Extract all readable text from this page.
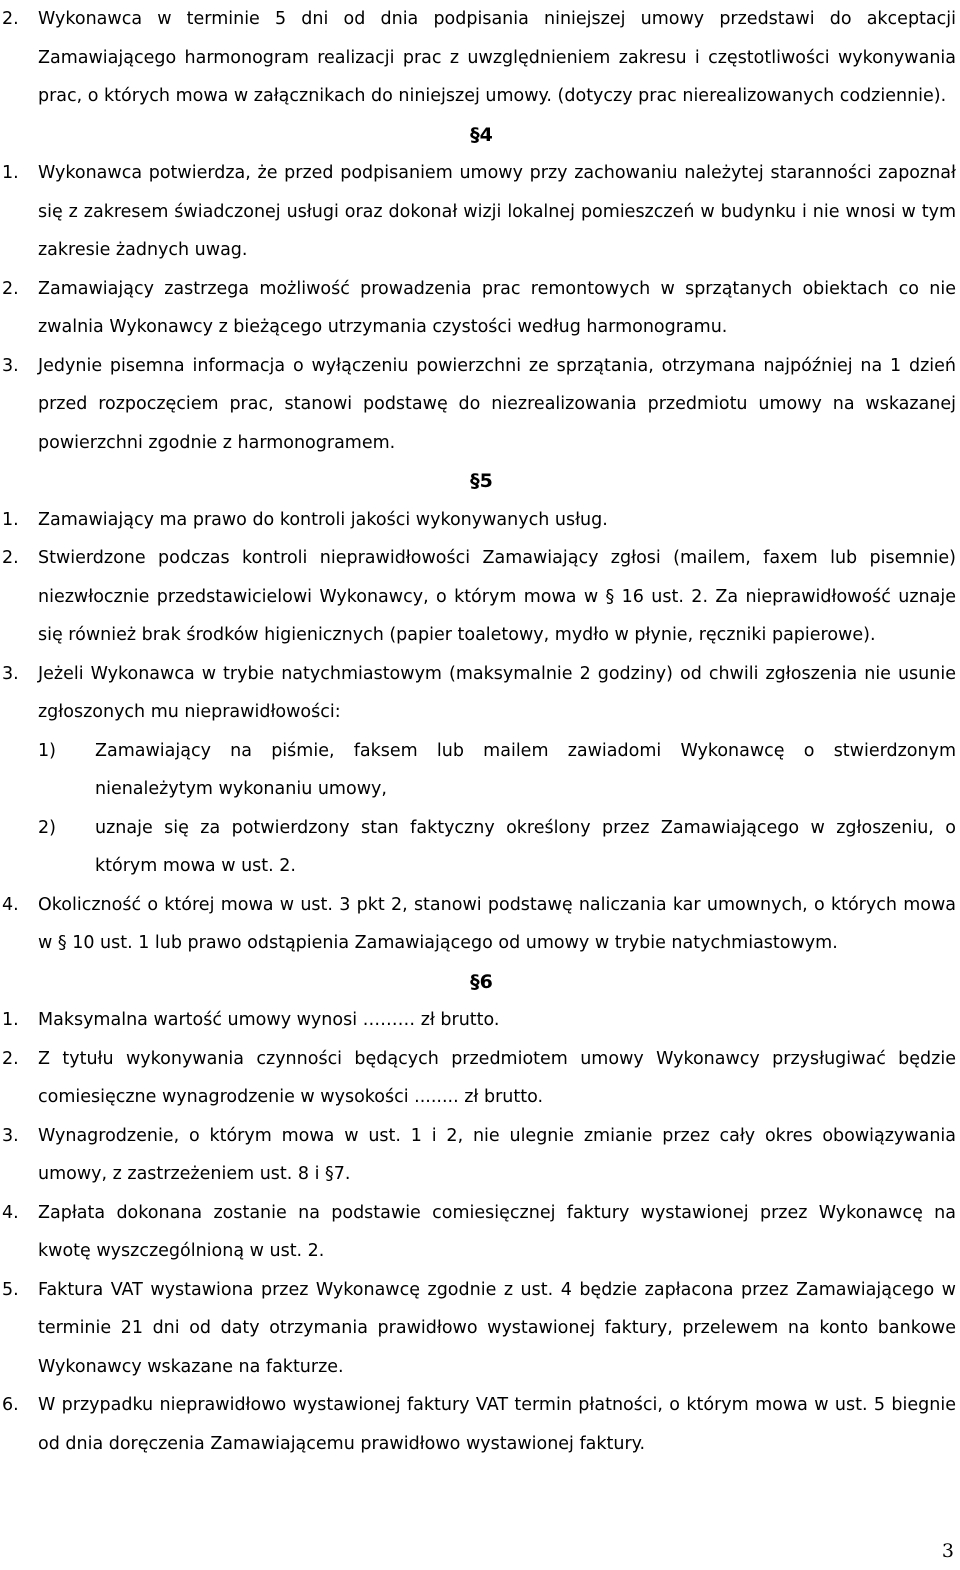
2. Wykonawca w terminie 5 dni od dnia podpisania niniejszej umowy przedstawi do akceptacji Zamawiającego harmonogram realizacji prac z uwzględnieniem zakresu i częstotliwości wykonywania prac, o których mowa w załącznikach do niniejszej umowy. (dotyczy prac nierealizowanych codziennie).
§4
1. Wykonawca potwierdza, że przed podpisaniem umowy przy zachowaniu należytej staranności zapoznał się z zakresem świadczonej usługi oraz dokonał wizji lokalnej pomieszczeń w budynku i nie wnosi w tym zakresie żadnych uwag.
2. Zamawiający zastrzega możliwość prowadzenia prac remontowych w sprzątanych obiektach co nie zwalnia Wykonawcy z bieżącego utrzymania czystości według harmonogramu.
3. Jedynie pisemna informacja o wyłączeniu powierzchni ze sprzątania, otrzymana najpóźniej na 1 dzień przed rozpoczęciem prac, stanowi podstawę do niezrealizowania przedmiotu umowy na wskazanej powierzchni zgodnie z harmonogramem.
§5
1. Zamawiający ma prawo do kontroli jakości wykonywanych usług.
2. Stwierdzone podczas kontroli nieprawidłowości Zamawiający zgłosi (mailem, faxem lub pisemnie) niezwłocznie przedstawicielowi Wykonawcy, o którym mowa w § 16 ust. 2. Za nieprawidłowość uznaje się również brak środków higienicznych (papier toaletowy, mydło w płynie, ręczniki papierowe).
3. Jeżeli Wykonawca w trybie natychmiastowym (maksymalnie 2 godziny) od chwili zgłoszenia nie usunie zgłoszonych mu nieprawidłowości:
1) Zamawiający na piśmie, faksem lub mailem zawiadomi Wykonawcę o stwierdzonym nienależytym wykonaniu umowy,
2) uznaje się za potwierdzony stan faktyczny określony przez Zamawiającego w zgłoszeniu, o którym mowa w ust. 2.
4. Okoliczność o której mowa w ust. 3 pkt 2, stanowi podstawę naliczania kar umownych, o których mowa w § 10 ust. 1 lub prawo odstąpienia Zamawiającego od umowy w trybie natychmiastowym.
§6
1. Maksymalna wartość umowy wynosi ……… zł brutto.
2. Z tytułu wykonywania czynności będących przedmiotem umowy Wykonawcy przysługiwać będzie comiesięczne wynagrodzenie w wysokości ........ zł brutto.
3. Wynagrodzenie, o którym mowa w ust. 1 i 2, nie ulegnie zmianie przez cały okres obowiązywania umowy, z zastrzeżeniem ust. 8 i §7.
4. Zapłata dokonana zostanie na podstawie comiesięcznej faktury wystawionej przez Wykonawcę na kwotę wyszczególnioną w ust. 2.
5. Faktura VAT wystawiona przez Wykonawcę zgodnie z ust. 4 będzie zapłacona przez Zamawiającego w terminie 21 dni od daty otrzymania prawidłowo wystawionej faktury, przelewem na konto bankowe Wykonawcy wskazane na fakturze.
6. W przypadku nieprawidłowo wystawionej faktury VAT termin płatności, o którym mowa w ust. 5 biegnie od dnia doręczenia Zamawiającemu prawidłowo wystawionej faktury.
3
